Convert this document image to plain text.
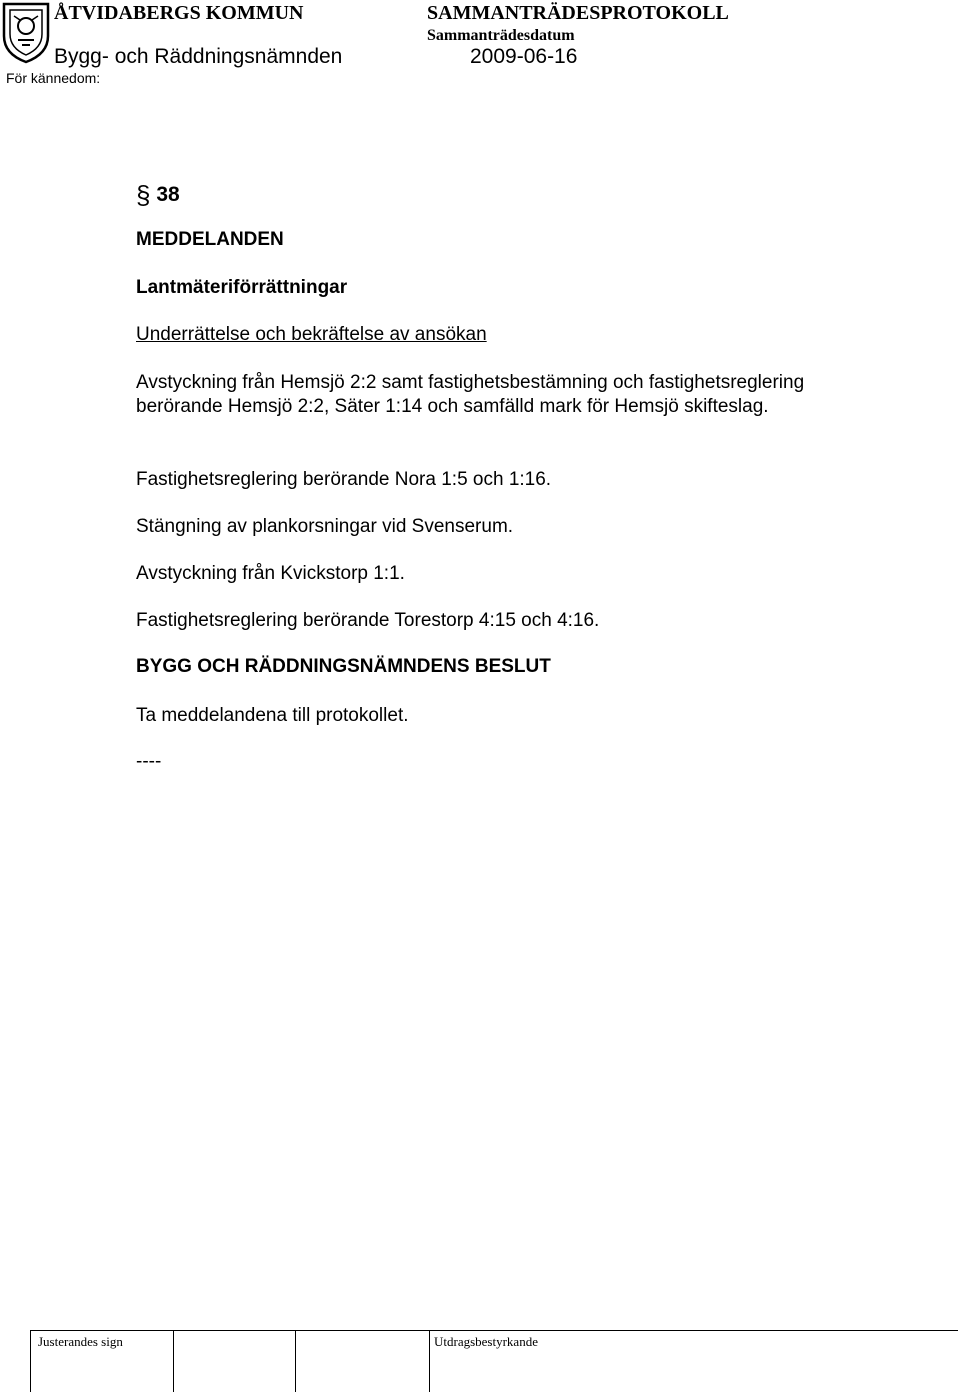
ÅTVIDABERGS KOMMUN	SAMMANTRÄDESPROTOKOLL
Sammanträdesdatum
Bygg- och Räddningsnämnden	2009-06-16
För kännedom:
§ 38
MEDDELANDEN
Lantmäteriförrättningar
Underrättelse och bekräftelse av ansökan
Avstyckning från Hemsjö 2:2 samt fastighetsbestämning och fastighetsreglering berörande Hemsjö 2:2, Säter 1:14 och samfälld mark för Hemsjö skifteslag.
Fastighetsreglering berörande Nora 1:5 och 1:16.
Stängning av plankorsningar vid Svenserum.
Avstyckning från Kvickstorp 1:1.
Fastighetsreglering berörande Torestorp 4:15 och 4:16.
BYGG OCH RÄDDNINGSNÄMNDENS BESLUT
Ta meddelandena till protokollet.
----
Justerandes sign	Utdragsbestyrkande
